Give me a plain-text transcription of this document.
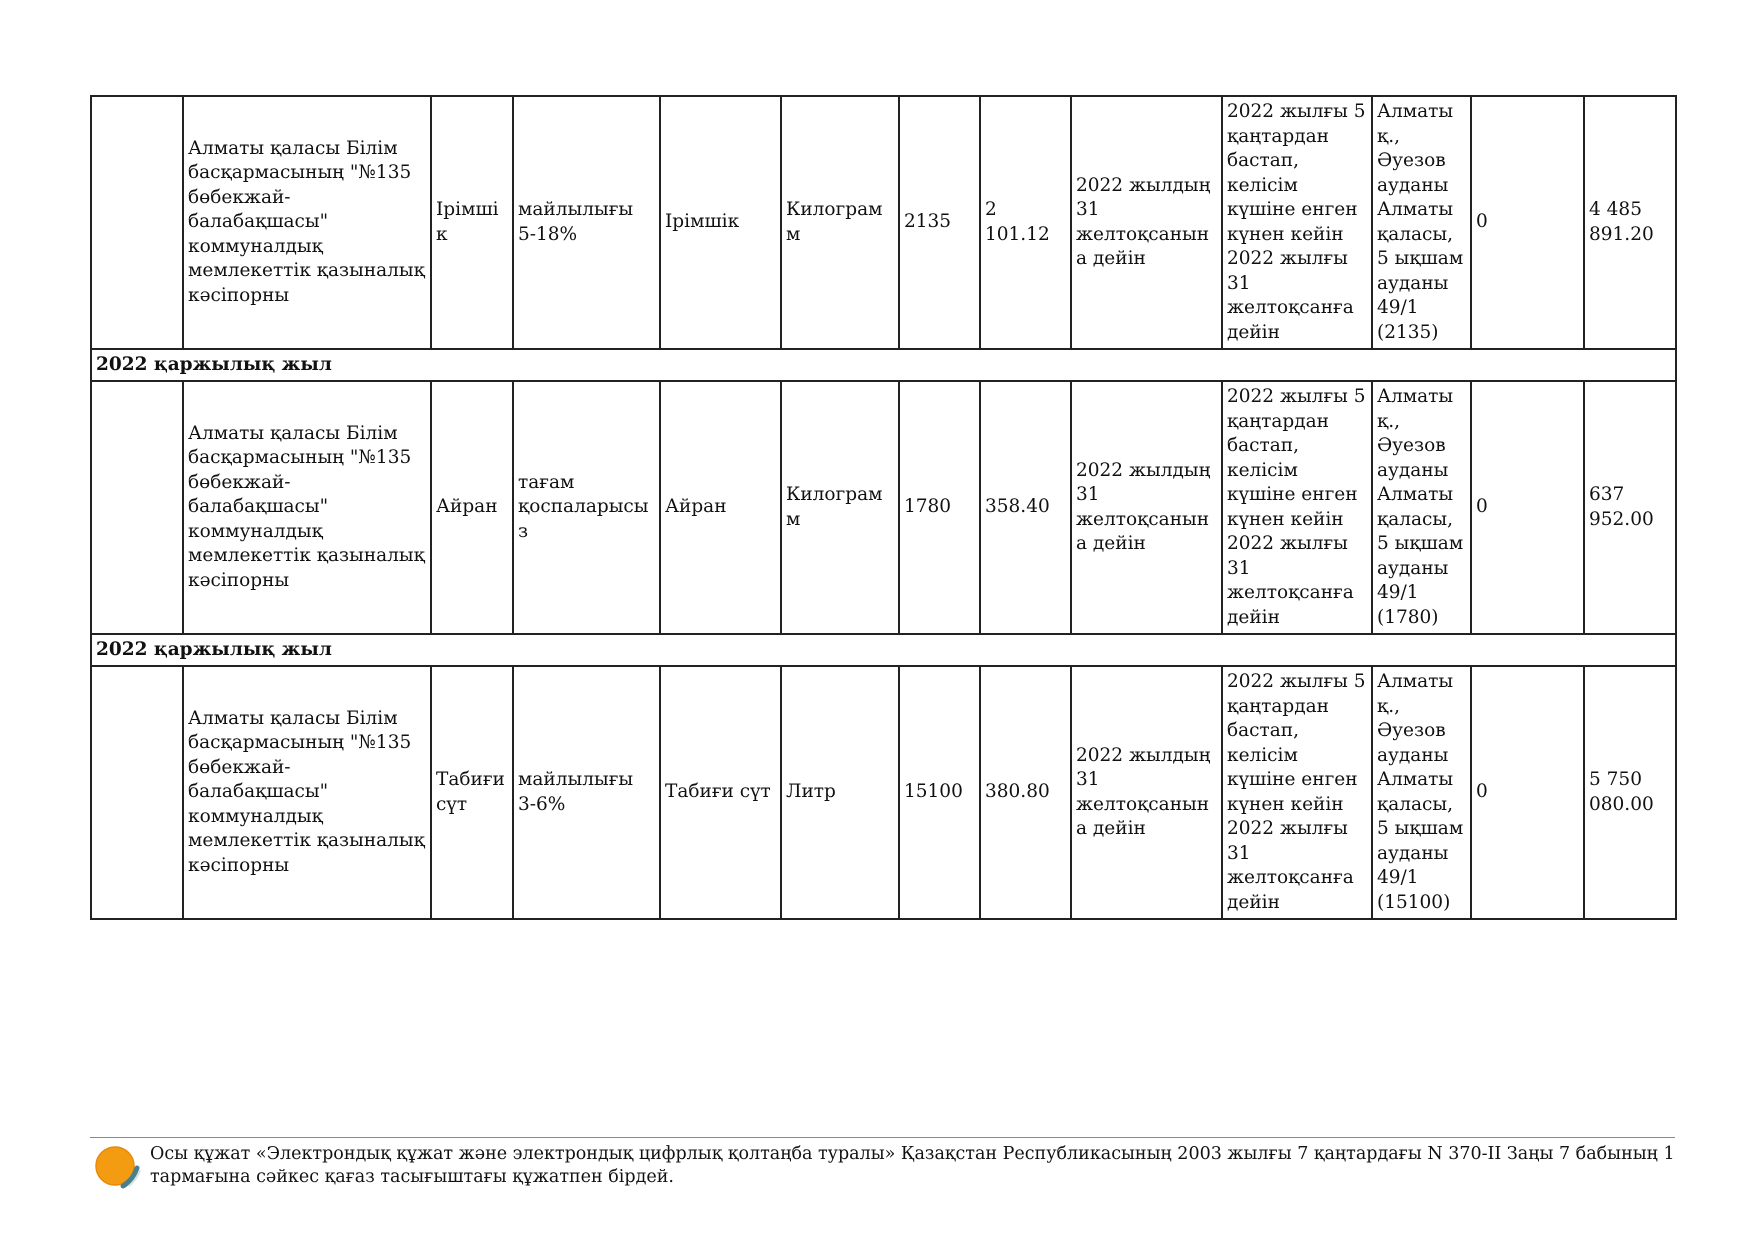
	Алматы қаласы Білім басқармасының "№135 бөбекжай-балабақшасы" коммуналдық мемлекеттік қазыналық кәсіпорны	Ірімшік	майлылығы 5-18%	Ірімшік	Килограмм	2135	2 101.12	2022 жылдың 31 желтоқсанына дейін	2022 жылғы 5 қаңтардан бастап, келісім күшіне енген күнен кейін 2022 жылғы 31 желтоқсанға дейін	Алматы қ., Әуезов ауданы Алматы қаласы, 5 ықшам ауданы 49/1 (2135)	0	4 485 891.20
2022 қаржылық жыл												
	Алматы қаласы Білім басқармасының "№135 бөбекжай-балабақшасы" коммуналдық мемлекеттік қазыналық кәсіпорны	Айран	тағам қоспаларысыз	Айран	Килограмм	1780	358.40	2022 жылдың 31 желтоқсанына дейін	2022 жылғы 5 қаңтардан бастап, келісім күшіне енген күнен кейін 2022 жылғы 31 желтоқсанға дейін	Алматы қ., Әуезов ауданы Алматы қаласы, 5 ықшам ауданы 49/1 (1780)	0	637 952.00
2022 қаржылық жыл												
	Алматы қаласы Білім басқармасының "№135 бөбекжай-балабақшасы" коммуналдық мемлекеттік қазыналық кәсіпорны	Табиғи сүт	майлылығы 3-6%	Табиғи сүт	Литр	15100	380.80	2022 жылдың 31 желтоқсанына дейін	2022 жылғы 5 қаңтардан бастап, келісім күшіне енген күнен кейін 2022 жылғы 31 желтоқсанға дейін	Алматы қ., Әуезов ауданы Алматы қаласы, 5 ықшам ауданы 49/1 (15100)	0	5 750 080.00
Осы құжат «Электрондық құжат және электрондық цифрлық қолтаңба туралы» Қазақстан Республикасының 2003 жылғы 7 қаңтардағы N 370-II Заңы 7 бабының 1 тармағына сәйкес қағаз тасығыштағы құжатпен бірдей.
